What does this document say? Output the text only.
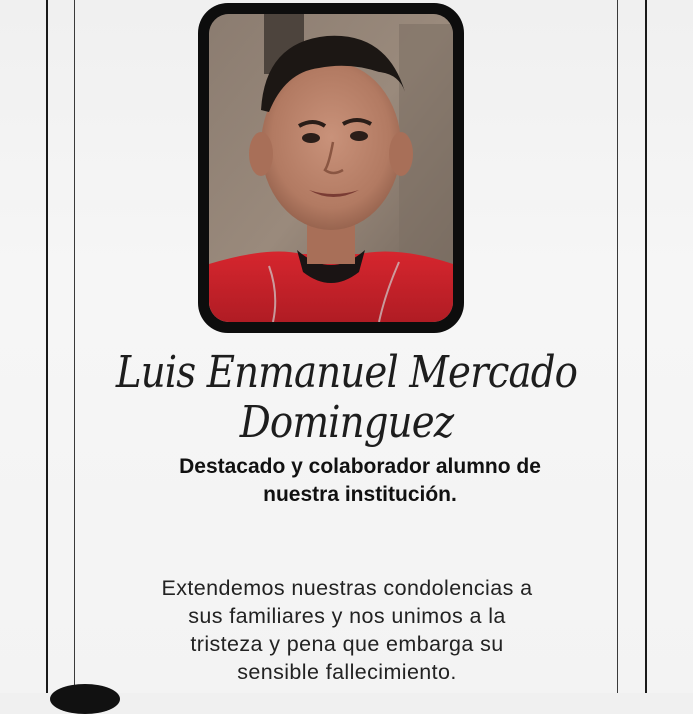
Luis Enmanuel Mercado
Dominguez
Destacado y colaborador alumno de
nuestra institución.
Extendemos nuestras condolencias a
sus familiares y nos unimos a la
tristeza y pena que embarga su
sensible fallecimiento.
